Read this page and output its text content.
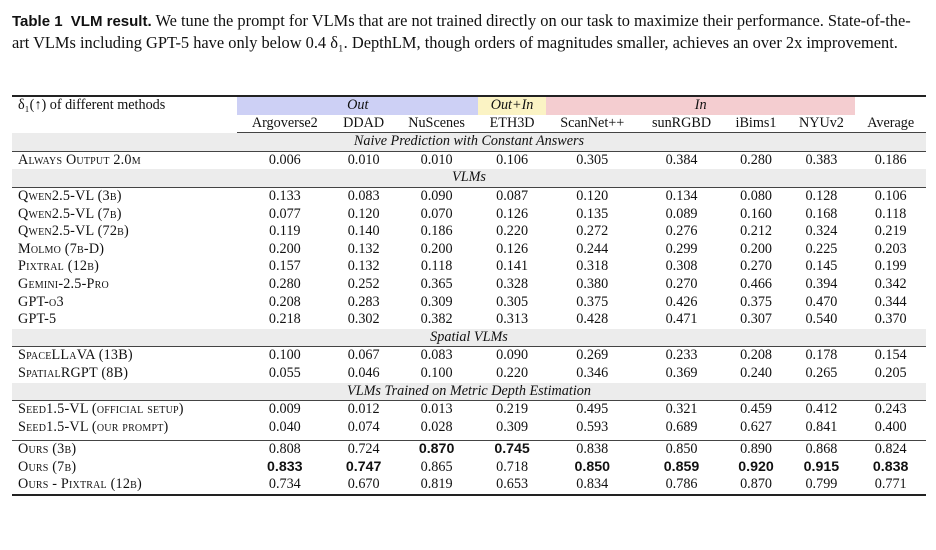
Table 1 VLM result. We tune the prompt for VLMs that are not trained directly on our task to maximize their performance. State-of-the-art VLMs including GPT-5 have only below 0.4 δ₁. DepthLM, though orders of magnitudes smaller, achieves an over 2x improvement.
δ₁(↑) of different methods	Out			Out+In	In				
	Argoverse2	DDAD	NuScenes	ETH3D	ScanNet++	sunRGBD	iBims1	NYUv2	Average
Naive Prediction with Constant Answers									
Always Output 2.0m	0.006	0.010	0.010	0.106	0.305	0.384	0.280	0.383	0.186
VLMs									
Qwen2.5-VL (3b)	0.133	0.083	0.090	0.087	0.120	0.134	0.080	0.128	0.106
Qwen2.5-VL (7b)	0.077	0.120	0.070	0.126	0.135	0.089	0.160	0.168	0.118
Qwen2.5-VL (72b)	0.119	0.140	0.186	0.220	0.272	0.276	0.212	0.324	0.219
Molmo (7b-D)	0.200	0.132	0.200	0.126	0.244	0.299	0.200	0.225	0.203
Pixtral (12b)	0.157	0.132	0.118	0.141	0.318	0.308	0.270	0.145	0.199
Gemini-2.5-Pro	0.280	0.252	0.365	0.328	0.380	0.270	0.466	0.394	0.342
GPT-o3	0.208	0.283	0.309	0.305	0.375	0.426	0.375	0.470	0.344
GPT-5	0.218	0.302	0.382	0.313	0.428	0.471	0.307	0.540	0.370
Spatial VLMs									
SpaceLLaVA (13B)	0.100	0.067	0.083	0.090	0.269	0.233	0.208	0.178	0.154
SpatialRGPT (8B)	0.055	0.046	0.100	0.220	0.346	0.369	0.240	0.265	0.205
VLMs Trained on Metric Depth Estimation									
Seed1.5-VL (official setup)	0.009	0.012	0.013	0.219	0.495	0.321	0.459	0.412	0.243
Seed1.5-VL (our prompt)	0.040	0.074	0.028	0.309	0.593	0.689	0.627	0.841	0.400

Ours (3b)	0.808	0.724	0.870	0.745	0.838	0.850	0.890	0.868	0.824
Ours (7b)	0.833	0.747	0.865	0.718	0.850	0.859	0.920	0.915	0.838
Ours - Pixtral (12b)	0.734	0.670	0.819	0.653	0.834	0.786	0.870	0.799	0.771
